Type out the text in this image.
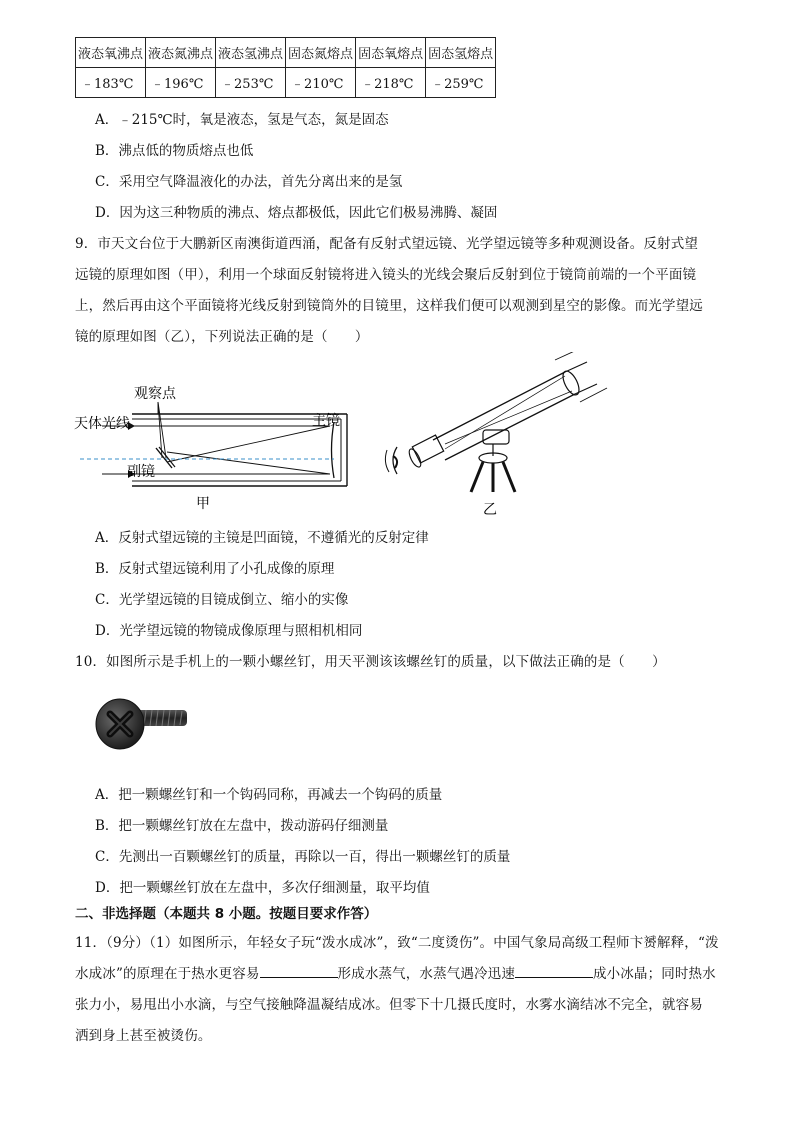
液态氧沸点	液态氮沸点	液态氢沸点	固态氮熔点	固态氧熔点	固态氢熔点
﹣183℃	﹣196℃	﹣253℃	﹣210℃	﹣218℃	﹣259℃
A．﹣215℃时，氧是液态，氢是气态，氮是固态
B．沸点低的物质熔点也低
C．采用空气降温液化的办法，首先分离出来的是氢
D．因为这三种物质的沸点、熔点都极低，因此它们极易沸腾、凝固
9．市天文台位于大鹏新区南澳街道西涌，配备有反射式望远镜、光学望远镜等多种观测设备。反射式望
远镜的原理如图（甲），利用一个球面反射镜将进入镜头的光线会聚后反射到位于镜筒前端的一个平面镜
上，然后再由这个平面镜将光线反射到镜筒外的目镜里，这样我们便可以观测到星空的影像。而光学望远
镜的原理如图（乙），下列说法正确的是（　　）
观察点
天体光线	主镜
副镜
甲	乙
A．反射式望远镜的主镜是凹面镜，不遵循光的反射定律
B．反射式望远镜利用了小孔成像的原理
C．光学望远镜的目镜成倒立、缩小的实像
D．光学望远镜的物镜成像原理与照相机相同
10．如图所示是手机上的一颗小螺丝钉，用天平测该该螺丝钉的质量，以下做法正确的是（　　）
A．把一颗螺丝钉和一个钩码同称，再减去一个钩码的质量
B．把一颗螺丝钉放在左盘中，拨动游码仔细测量
C．先测出一百颗螺丝钉的质量，再除以一百，得出一颗螺丝钉的质量
D．把一颗螺丝钉放在左盘中，多次仔细测量，取平均值
二、非选择题（本题共 8 小题。按题目要求作答）
11．（9分）（1）如图所示，年轻女子玩“泼水成冰”，致“二度烫伤”。中国气象局高级工程师卞赟解释，“泼
水成冰”的原理在于热水更容易	形成水蒸气，水蒸气遇冷迅速	成小冰晶；同时热水
张力小，易甩出小水滴，与空气接触降温凝结成冰。但零下十几摄氏度时，水雾水滴结冰不完全，就容易
洒到身上甚至被烫伤。
